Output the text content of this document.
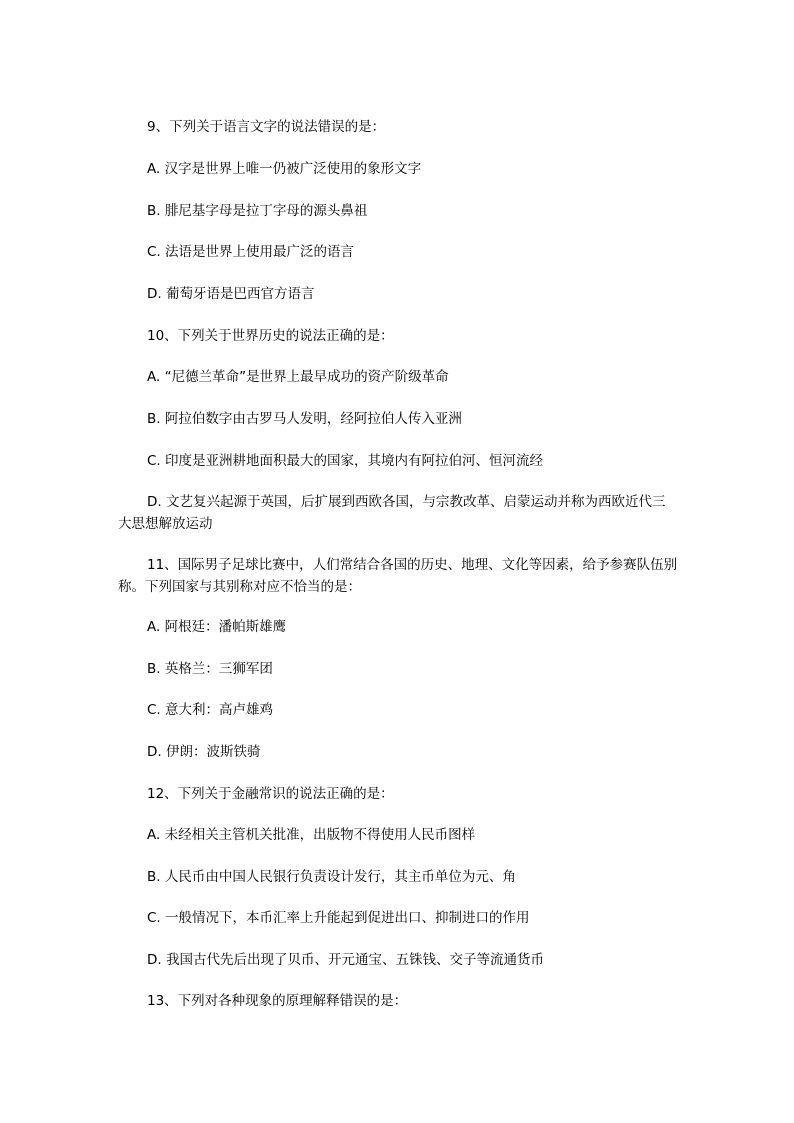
9、下列关于语言文字的说法错误的是：
A. 汉字是世界上唯一仍被广泛使用的象形文字
B. 腓尼基字母是拉丁字母的源头鼻祖
C. 法语是世界上使用最广泛的语言
D. 葡萄牙语是巴西官方语言
10、下列关于世界历史的说法正确的是：
A. “尼德兰革命”是世界上最早成功的资产阶级革命
B. 阿拉伯数字由古罗马人发明，经阿拉伯人传入亚洲
C. 印度是亚洲耕地面积最大的国家，其境内有阿拉伯河、恒河流经
D. 文艺复兴起源于英国，后扩展到西欧各国，与宗教改革、启蒙运动并称为西欧近代三大思想解放运动
11、国际男子足球比赛中，人们常结合各国的历史、地理、文化等因素，给予参赛队伍别称。下列国家与其别称对应不恰当的是：
A. 阿根廷：潘帕斯雄鹰
B. 英格兰：三狮军团
C. 意大利：高卢雄鸡
D. 伊朗：波斯铁骑
12、下列关于金融常识的说法正确的是：
A. 未经相关主管机关批准，出版物不得使用人民币图样
B. 人民币由中国人民银行负责设计发行，其主币单位为元、角
C. 一般情况下，本币汇率上升能起到促进出口、抑制进口的作用
D. 我国古代先后出现了贝币、开元通宝、五铢钱、交子等流通货币
13、下列对各种现象的原理解释错误的是：
